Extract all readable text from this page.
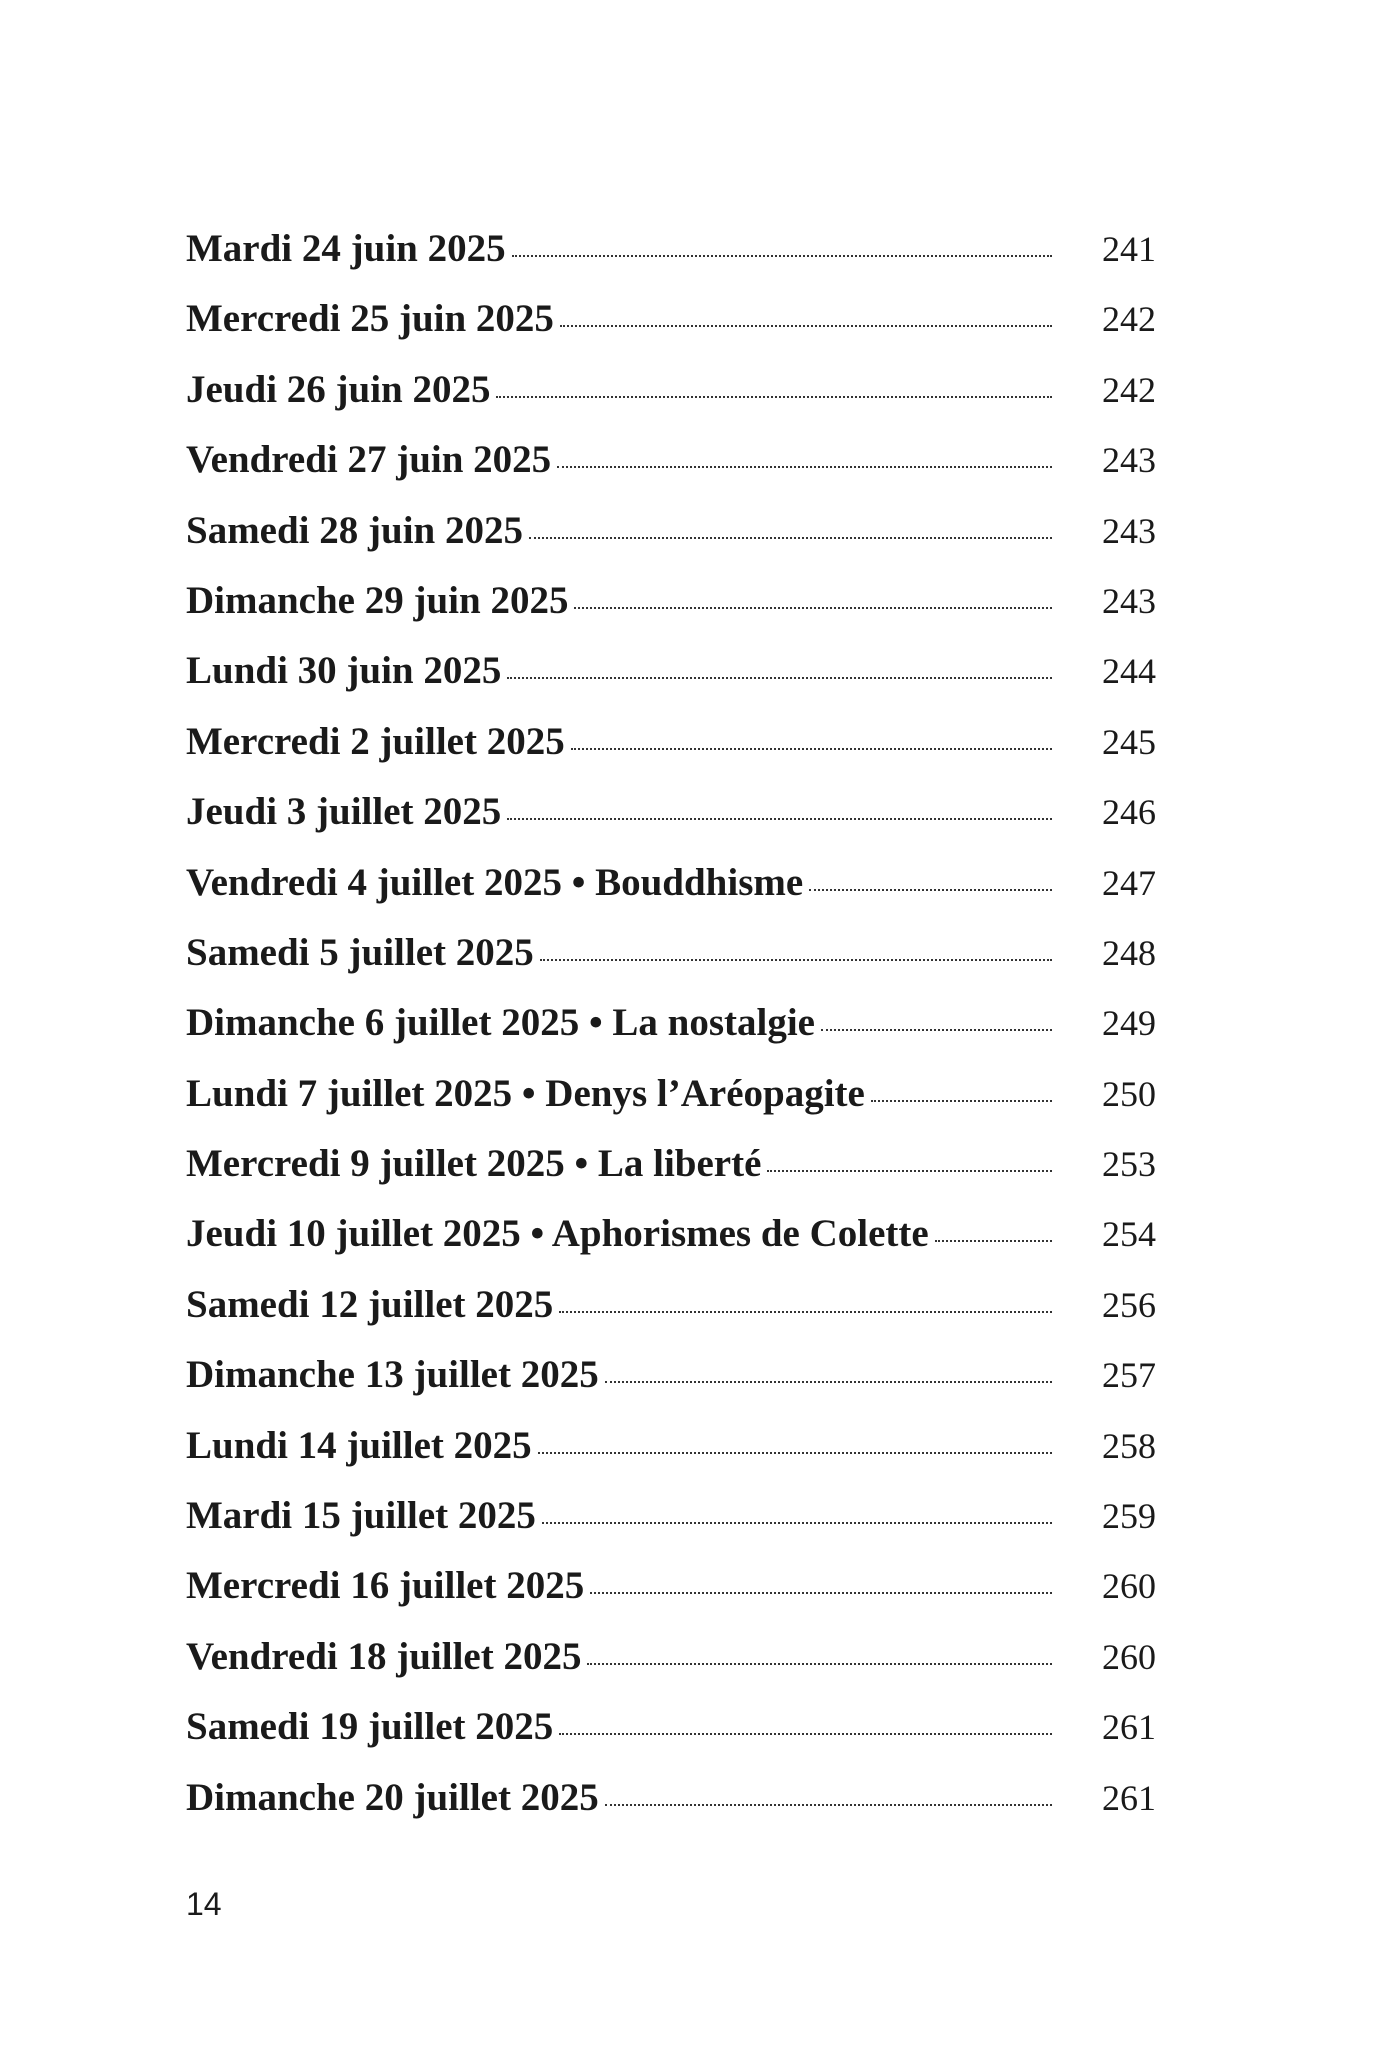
Mardi 24 juin 2025	241
Mercredi 25 juin 2025	242
Jeudi 26 juin 2025	242
Vendredi 27 juin 2025	243
Samedi 28 juin 2025	243
Dimanche 29 juin 2025	243
Lundi 30 juin 2025	244
Mercredi 2 juillet 2025	245
Jeudi 3 juillet 2025	246
Vendredi 4 juillet 2025 • Bouddhisme	247
Samedi 5 juillet 2025	248
Dimanche 6 juillet 2025 • La nostalgie	249
Lundi 7 juillet 2025 • Denys l’Aréopagite	250
Mercredi 9 juillet 2025 • La liberté	253
Jeudi 10 juillet 2025 • Aphorismes de Colette	254
Samedi 12 juillet 2025	256
Dimanche 13 juillet 2025	257
Lundi 14 juillet 2025	258
Mardi 15 juillet 2025	259
Mercredi 16 juillet 2025	260
Vendredi 18 juillet 2025	260
Samedi 19 juillet 2025	261
Dimanche 20 juillet 2025	261
14
